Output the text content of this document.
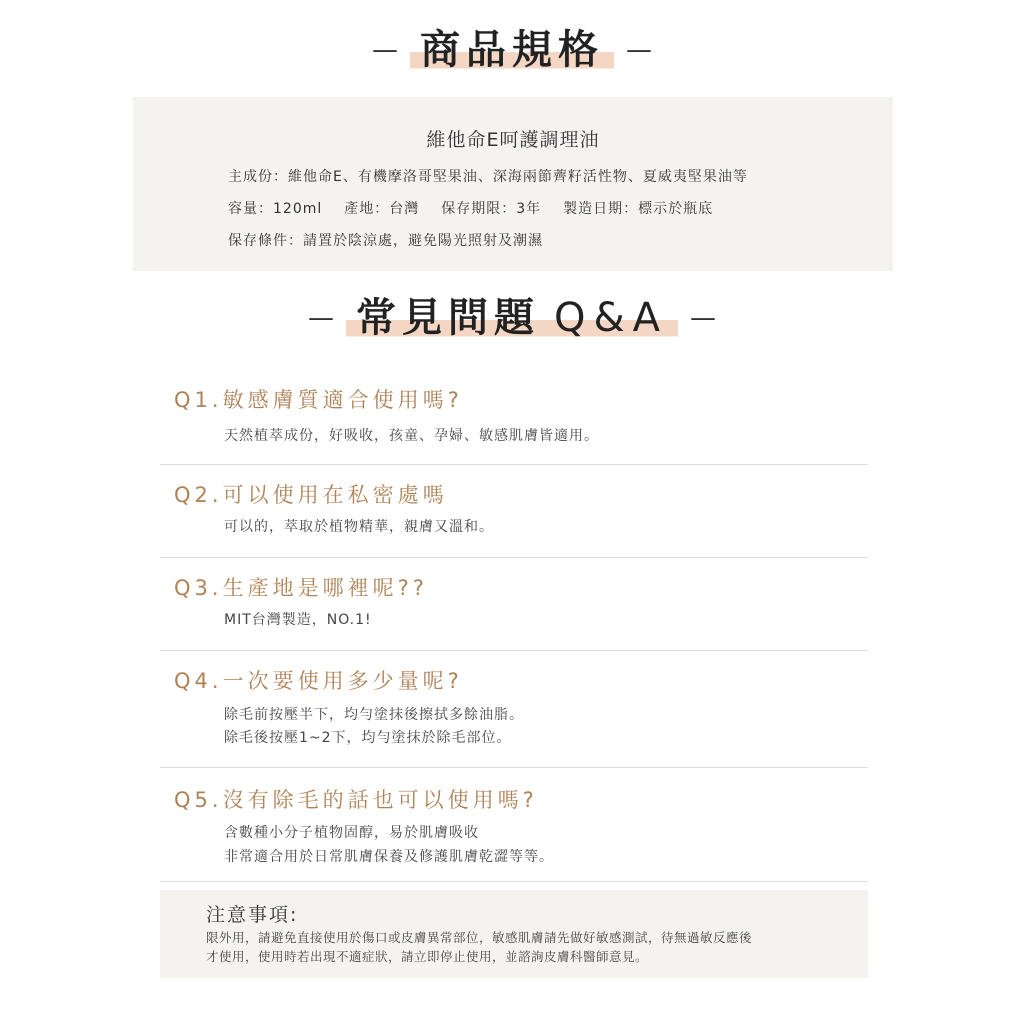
— 商品規格 —
維他命E呵護調理油
主成份：維他命E、有機摩洛哥堅果油、深海兩節薺籽活性物、夏威夷堅果油等
容量：120ml 產地：台灣 保存期限：3年 製造日期：標示於瓶底
保存條件：請置於陰涼處，避免陽光照射及潮濕
— 常見問題 Q&A —
Q1.敏感膚質適合使用嗎?
天然植萃成份，好吸收，孩童、孕婦、敏感肌膚皆適用。
Q2.可以使用在私密處嗎
可以的，萃取於植物精華，親膚又溫和。
Q3.生產地是哪裡呢??
MIT台灣製造，NO.1!
Q4.一次要使用多少量呢?
除毛前按壓半下，均勻塗抹後擦拭多餘油脂。
除毛後按壓1~2下，均勻塗抹於除毛部位。
Q5.沒有除毛的話也可以使用嗎?
含數種小分子植物固醇，易於肌膚吸收
非常適合用於日常肌膚保養及修護肌膚乾澀等等。
注意事項:
限外用，請避免直接使用於傷口或皮膚異常部位，敏感肌膚請先做好敏感測試，待無過敏反應後
才使用，使用時若出現不適症狀，請立即停止使用，並諮詢皮膚科醫師意見。
